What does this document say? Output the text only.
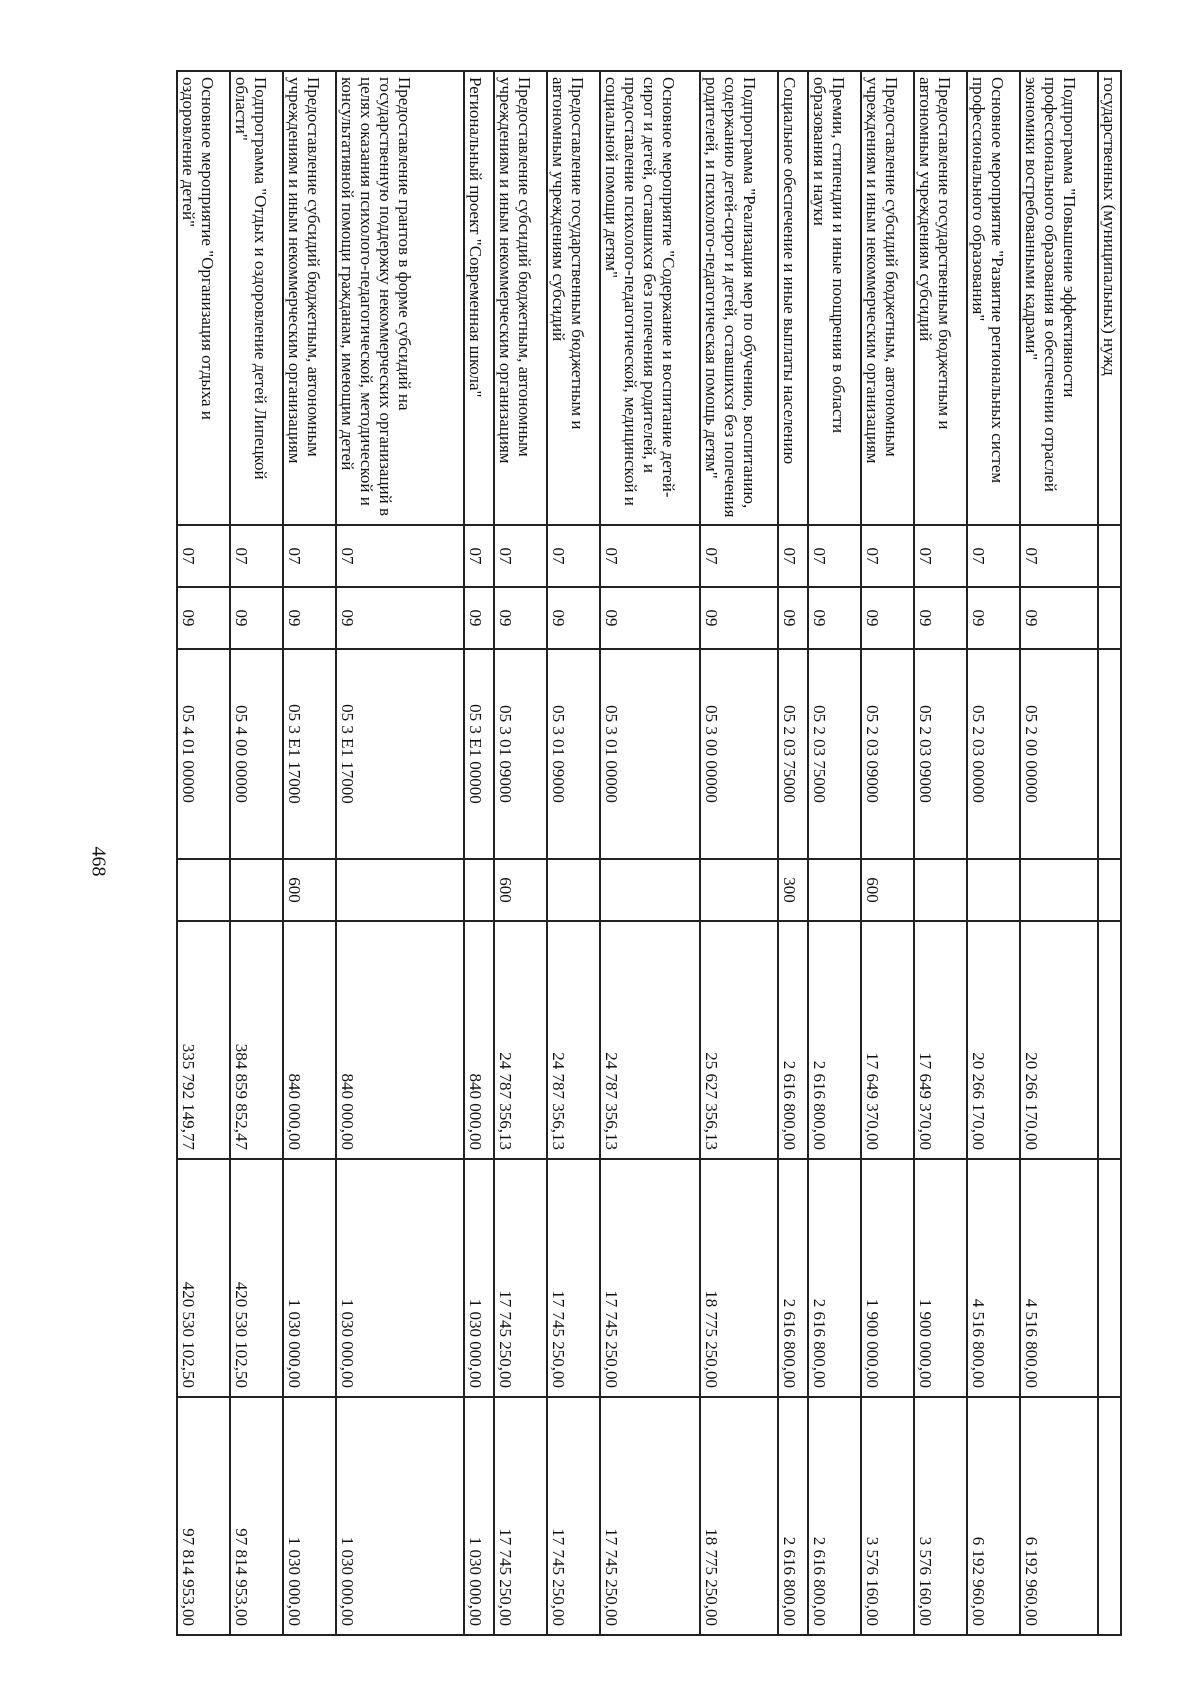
468
государственных (муниципальных) нужд							
Подпрограмма "Повышение эффективности профессионального образования в обеспечении отраслей экономики востребованными кадрами"	07	09	05 2 00 00000		20 266 170,00	4 516 800,00	6 192 960,00
Основное мероприятие "Развитие региональных систем профессионального образования"	07	09	05 2 03 00000		20 266 170,00	4 516 800,00	6 192 960,00
Предоставление государственным бюджетным и автономным учреждениям субсидий	07	09	05 2 03 09000		17 649 370,00	1 900 000,00	3 576 160,00
Предоставление субсидий бюджетным, автономным учреждениям и иным некоммерческим организациям	07	09	05 2 03 09000	600	17 649 370,00	1 900 000,00	3 576 160,00
Премии, стипендии и иные поощрения в области образования и науки	07	09	05 2 03 75000		2 616 800,00	2 616 800,00	2 616 800,00
Социальное обеспечение и иные выплаты населению	07	09	05 2 03 75000	300	2 616 800,00	2 616 800,00	2 616 800,00
Подпрограмма "Реализация мер по обучению, воспитанию, содержанию детей-сирот и детей, оставшихся без попечения родителей, и психолого-педагогическая помощь детям"	07	09	05 3 00 00000		25 627 356,13	18 775 250,00	18 775 250,00
Основное мероприятие "Содержание и воспитание детей-сирот и детей, оставшихся без попечения родителей, и предоставление психолого-педагогической, медицинской и социальной помощи детям"	07	09	05 3 01 00000		24 787 356,13	17 745 250,00	17 745 250,00
Предоставление государственным бюджетным и автономным учреждениям субсидий	07	09	05 3 01 09000		24 787 356,13	17 745 250,00	17 745 250,00
Предоставление субсидий бюджетным, автономным учреждениям и иным некоммерческим организациям	07	09	05 3 01 09000	600	24 787 356,13	17 745 250,00	17 745 250,00
Региональный проект "Современная школа"	07	09	05 3 E1 00000		840 000,00	1 030 000,00	1 030 000,00
Предоставление грантов в форме субсидий на государственную поддержку некоммерческих организаций в целях оказания психолого-педагогической, методической и консультативной помощи гражданам, имеющим детей	07	09	05 3 E1 17000		840 000,00	1 030 000,00	1 030 000,00
Предоставление субсидий бюджетным, автономным учреждениям и иным некоммерческим организациям	07	09	05 3 E1 17000	600	840 000,00	1 030 000,00	1 030 000,00
Подпрограмма "Отдых и оздоровление детей Липецкой области"	07	09	05 4 00 00000		384 859 852,47	420 530 102,50	97 814 953,00
Основное мероприятие "Организация отдыха и оздоровление детей"	07	09	05 4 01 00000		335 792 149,77	420 530 102,50	97 814 953,00
